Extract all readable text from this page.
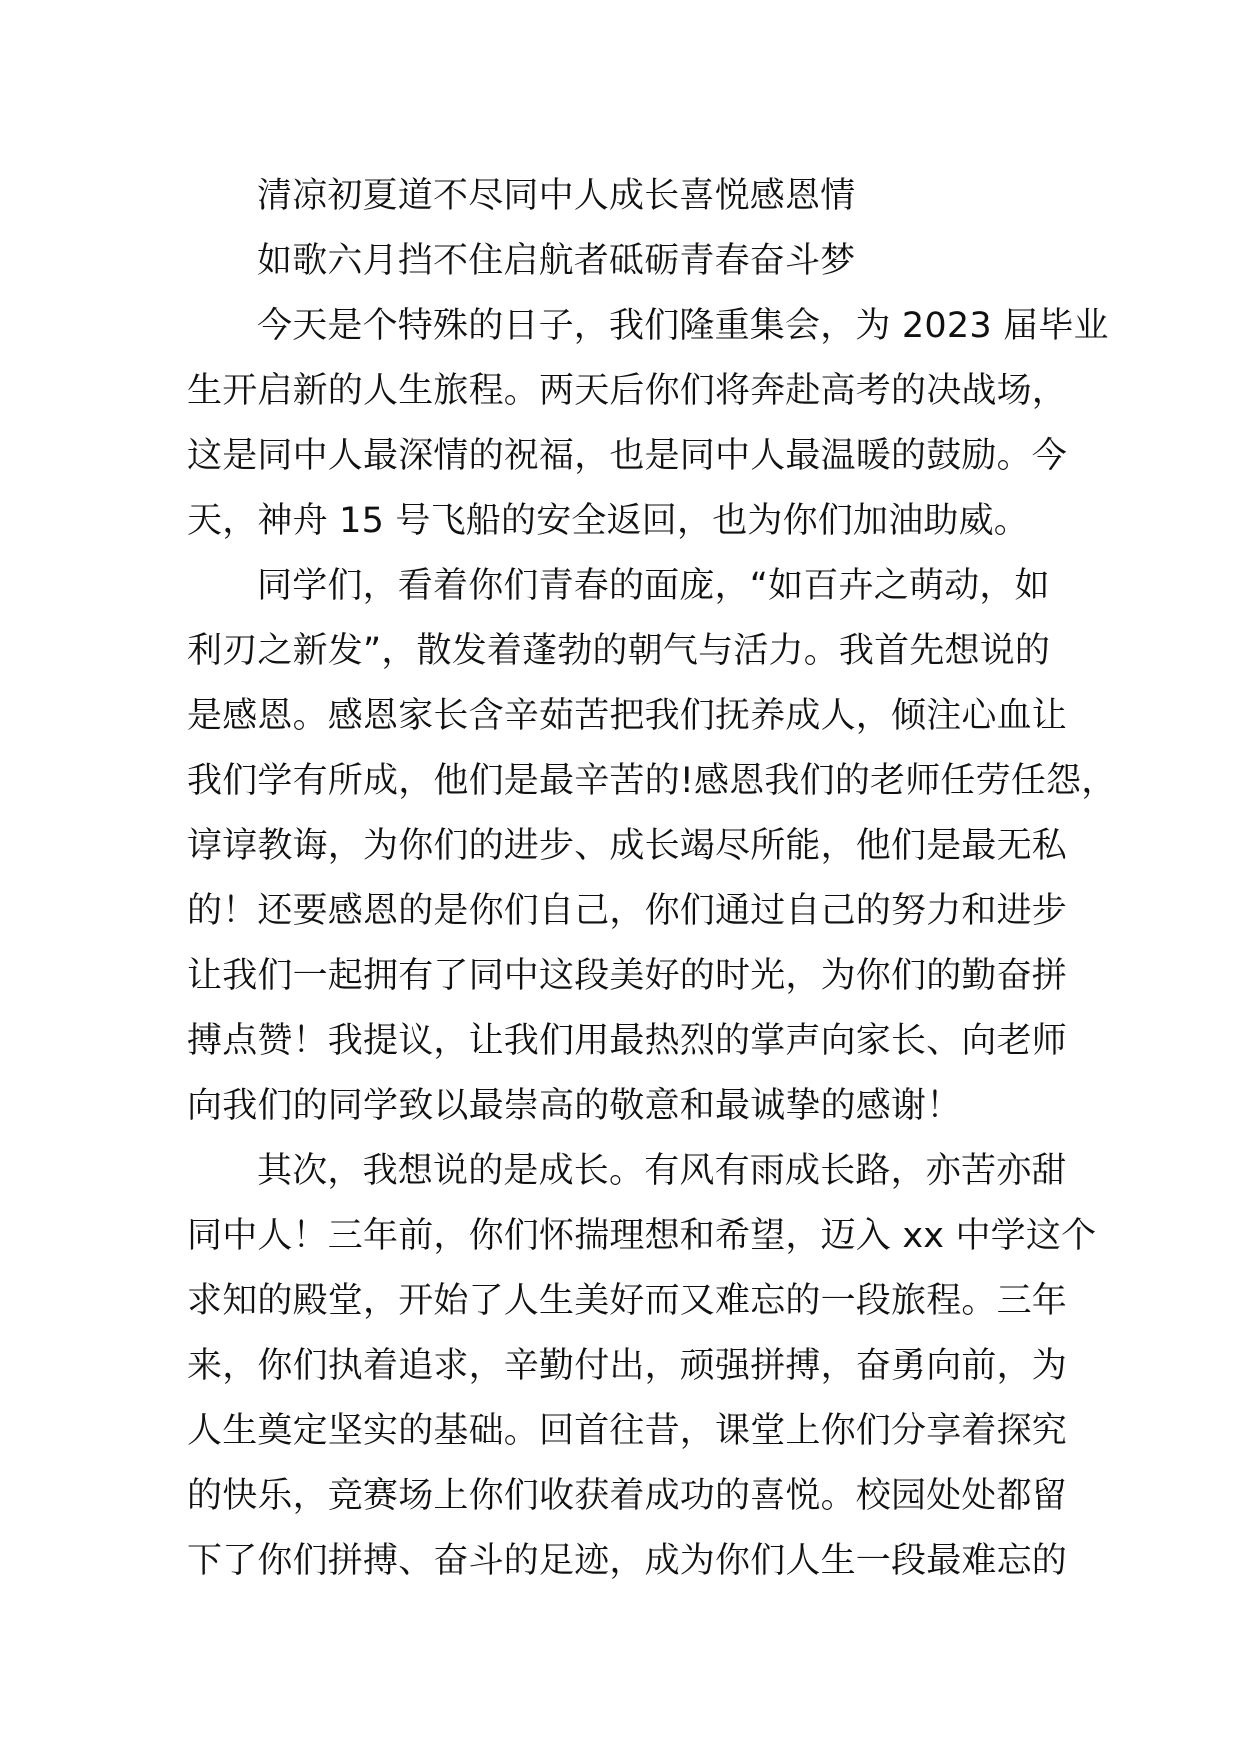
清凉初夏道不尽同中人成长喜悦感恩情
如歌六月挡不住启航者砥砺青春奋斗梦
今天是个特殊的日子，我们隆重集会，为 2023 届毕业
生开启新的人生旅程。两天后你们将奔赴高考的决战场，
这是同中人最深情的祝福，也是同中人最温暖的鼓励。今
天，神舟 15 号飞船的安全返回，也为你们加油助威。
同学们，看着你们青春的面庞，“如百卉之萌动，如
利刃之新发”，散发着蓬勃的朝气与活力。我首先想说的
是感恩。感恩家长含辛茹苦把我们抚养成人，倾注心血让
我们学有所成，他们是最辛苦的!感恩我们的老师任劳任怨，
谆谆教诲，为你们的进步、成长竭尽所能，他们是最无私
的！还要感恩的是你们自己，你们通过自己的努力和进步
让我们一起拥有了同中这段美好的时光，为你们的勤奋拼
搏点赞！我提议，让我们用最热烈的掌声向家长、向老师
向我们的同学致以最崇高的敬意和最诚挚的感谢！
其次，我想说的是成长。有风有雨成长路，亦苦亦甜
同中人！三年前，你们怀揣理想和希望，迈入 xx 中学这个
求知的殿堂，开始了人生美好而又难忘的一段旅程。三年
来，你们执着追求，辛勤付出，顽强拼搏，奋勇向前，为
人生奠定坚实的基础。回首往昔，课堂上你们分享着探究
的快乐，竞赛场上你们收获着成功的喜悦。校园处处都留
下了你们拼搏、奋斗的足迹，成为你们人生一段最难忘的
